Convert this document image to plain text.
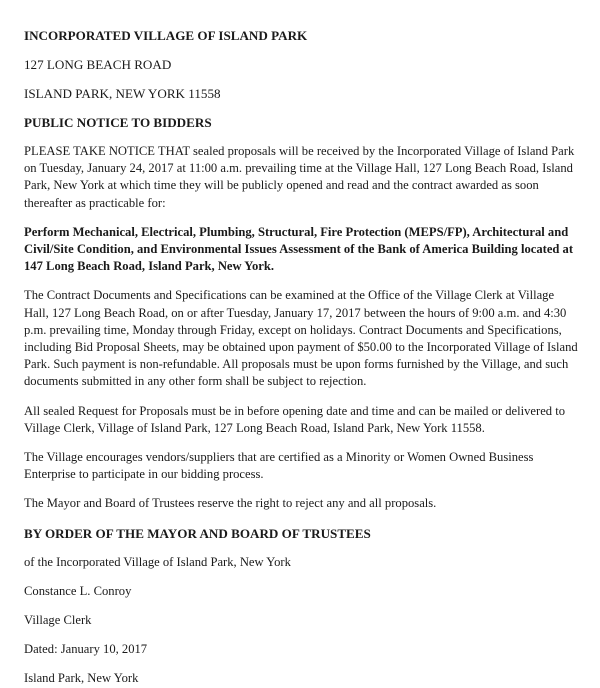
INCORPORATED VILLAGE OF ISLAND PARK

127 LONG BEACH ROAD

ISLAND PARK, NEW YORK 11558

PUBLIC NOTICE TO BIDDERS

PLEASE TAKE NOTICE THAT sealed proposals will be received by the Incorporated Village of Island Park on Tuesday, January 24, 2017 at 11:00 a.m. prevailing time at the Village Hall, 127 Long Beach Road, Island Park, New York at which time they will be publicly opened and read and the contract awarded as soon thereafter as practicable for:

Perform Mechanical, Electrical, Plumbing, Structural, Fire Protection (MEPS/FP), Architectural and Civil/Site Condition, and Environmental Issues Assessment of the Bank of America Building located at 147 Long Beach Road, Island Park, New York.

The Contract Documents and Specifications can be examined at the Office of the Village Clerk at Village Hall, 127 Long Beach Road, on or after Tuesday, January 17, 2017 between the hours of 9:00 a.m. and 4:30 p.m. prevailing time, Monday through Friday, except on holidays. Contract Documents and Specifications, including Bid Proposal Sheets, may be obtained upon payment of $50.00 to the Incorporated Village of Island Park. Such payment is non-refundable. All proposals must be upon forms furnished by the Village, and such documents submitted in any other form shall be subject to rejection.

All sealed Request for Proposals must be in before opening date and time and can be mailed or delivered to Village Clerk, Village of Island Park, 127 Long Beach Road, Island Park, New York 11558.

The Village encourages vendors/suppliers that are certified as a Minority or Women Owned Business Enterprise to participate in our bidding process.

The Mayor and Board of Trustees reserve the right to reject any and all proposals.

BY ORDER OF THE MAYOR AND BOARD OF TRUSTEES

of the Incorporated Village of Island Park, New York

Constance L. Conroy

Village Clerk

Dated: January 10, 2017

Island Park, New York
